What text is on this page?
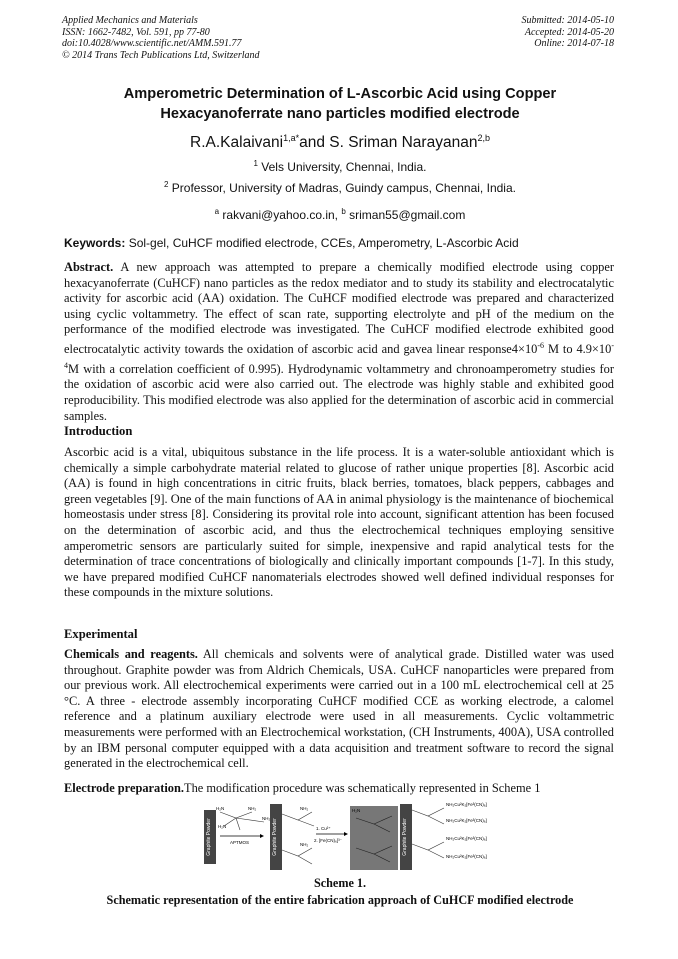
Applied Mechanics and Materials
ISSN: 1662-7482, Vol. 591, pp 77-80
doi:10.4028/www.scientific.net/AMM.591.77
© 2014 Trans Tech Publications Ltd, Switzerland
Submitted: 2014-05-10
Accepted: 2014-05-20
Online: 2014-07-18
Amperometric Determination of L-Ascorbic Acid using Copper
Hexacyanoferrate nano particles modified electrode
R.A.Kalaivani$^{1,a*}$and S. Sriman Narayanan$^{2,b}$
$^1$ Vels University, Chennai, India.
$^2$ Professor, University of Madras, Guindy campus, Chennai, India.
$^a$ rakvani@yahoo.co.in, $^b$ sriman55@gmail.com
Keywords: Sol-gel, CuHCF modified electrode, CCEs, Amperometry, L-Ascorbic Acid
Abstract. A new approach was attempted to prepare a chemically modified electrode using copper hexacyanoferrate (CuHCF) nano particles as the redox mediator and to study its stability and electrocatalytic activity for ascorbic acid (AA) oxidation. The CuHCF modified electrode was prepared and characterized using cyclic voltammetry. The effect of scan rate, supporting electrolyte and pH of the medium on the performance of the modified electrode was investigated. The CuHCF modified electrode exhibited good electrocatalytic activity towards the oxidation of ascorbic acid and gavea linear $response4\times 10^{-6}$ M to $4.9\times 10^{-4}M$ with a correlation coefficient of 0.995). Hydrodynamic voltammetry and chronoamperometry studies for the oxidation of ascorbic acid were also carried out. The electrode was highly stable and exhibited good reproducibility. This modified electrode was also applied for the determination of ascorbic acid in commercial samples.
Introduction
Ascorbic acid is a vital, ubiquitous substance in the life process. It is a water-soluble antioxidant which is chemically a simple carbohydrate material related to glucose of rather unique properties [8]. Ascorbic acid (AA) is found in high concentrations in citric fruits, black berries, tomatoes, black peppers, cabbages and green vegetables [9]. One of the main functions of AA in animal physiology is the maintenance of biochemical homeostasis under stress [8]. Considering its provital role into account, significant attention has been focused on the determination of ascorbic acid, and thus the electrochemical techniques employing sensitive amperometric sensors are particularly suited for simple, inexpensive and rapid analytical tests for the determination of trace concentrations of biologically and clinically important compounds [1-7]. In this study, we have prepared modified CuHCF nanomaterials electrodes showed well defined individual responses for these compounds in the mixture solutions.
Experimental
Chemicals and reagents. All chemicals and solvents were of analytical grade. Distilled water was used throughout. Graphite powder was from Aldrich Chemicals, USA. CuHCF nanoparticles were prepared from our previous work. All electrochemical experiments were carried out in a 100 mL electrochemical cell at 25 °C. A three - electrode assembly incorporating CuHCF modified CCE as working electrode, a calomel reference and a platinum auxiliary electrode were used in all measurements. Cyclic voltammetric measurements were performed with an Electrochemical workstation, (CH Instruments, 400A), USA controlled by an IBM personal computer equipped with a data acquisition and treatment software to record the signal generated in the electrochemical cell.
Electrode preparation.The modification procedure was schematically represented in Scheme 1
Graphite Powder
H₂N	NH₂
NH₂
H₂N
APTMOS	Graphite Powder
NH₂
NH₂
1. Cu²⁺
2. [Fe(CN)₆]³⁻
H₂N
Graphite Powder
NH₂Cu²K₂[Fe³(CN)₆]
NH₂Cu²K₂[Fe³(CN)₆]
NH₂Cu²K₂[Fe³(CN)₆]
NH₂Cu²K₂[Fe³(CN)₆]
Scheme 1.
Schematic representation of the entire fabrication approach of CuHCF modified electrode
